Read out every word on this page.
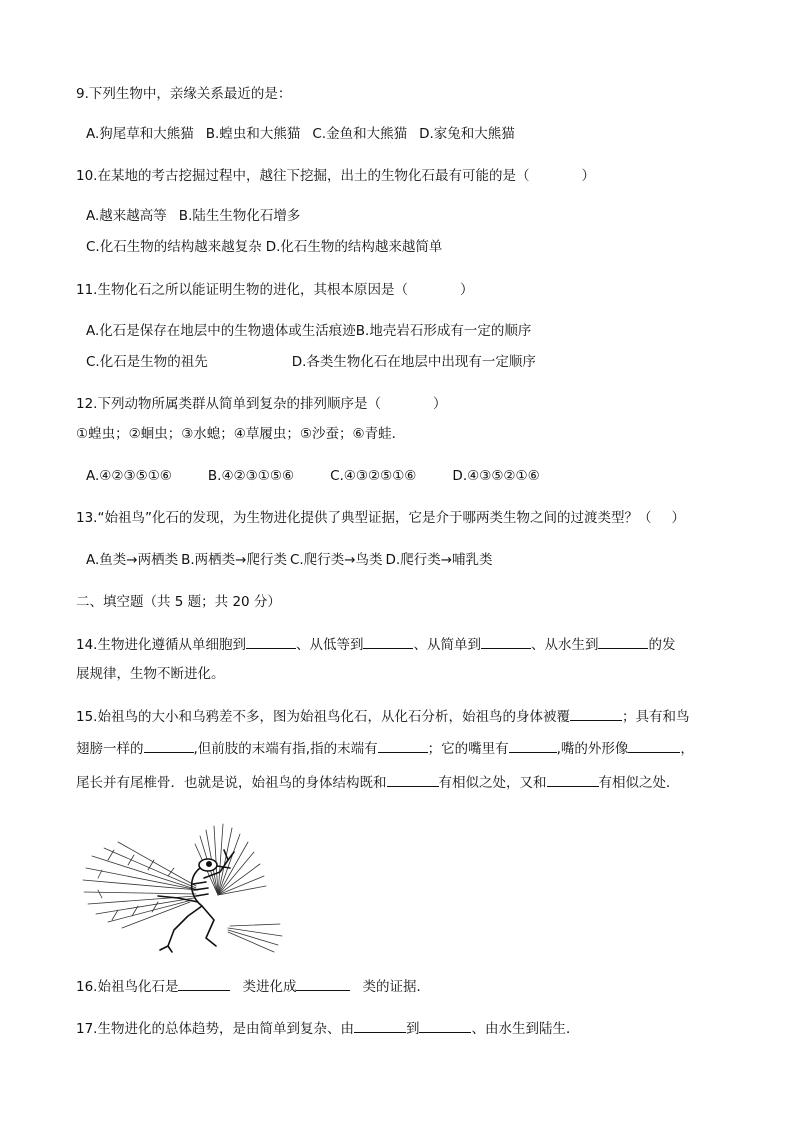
9.下列生物中，亲缘关系最近的是：
A.狗尾草和大熊猫 B.蝗虫和大熊猫 C.金鱼和大熊猫 D.家兔和大熊猫
10.在某地的考古挖掘过程中，越往下挖掘，出土的生物化石最有可能的是（	）
A.越来越高等 B.陆生生物化石增多
C.化石生物的结构越来越复杂 D.化石生物的结构越来越简单
11.生物化石之所以能证明生物的进化，其根本原因是（	）
A.化石是保存在地层中的生物遗体或生活痕迹B.地壳岩石形成有一定的顺序
C.化石是生物的祖先	D.各类生物化石在地层中出现有一定顺序
12.下列动物所属类群从简单到复杂的排列顺序是（	）
①蝗虫；②蛔虫；③水螅；④草履虫；⑤沙蚕；⑥青蛙．
A.④②③⑤①⑥	B.④②③①⑤⑥	C.④③②⑤①⑥	D.④③⑤②①⑥
13.“始祖鸟”化石的发现，为生物进化提供了典型证据，它是介于哪两类生物之间的过渡类型？（ ）
A.鱼类→两栖类 B.两栖类→爬行类 C.爬行类→鸟类 D.爬行类→哺乳类
二、填空题（共 5 题；共 20 分）
14.生物进化遵循从单细胞到	、从低等到	、从简单到	、从水生到	的发
展规律，生物不断进化。
15.始祖鸟的大小和乌鸦差不多，图为始祖鸟化石，从化石分析，始祖鸟的身体被覆	；具有和鸟
翅膀一样的	,但前肢的末端有指,指的末端有	；它的嘴里有	,嘴的外形像	，
尾长并有尾椎骨．也就是说，始祖鸟的身体结构既和	有相似之处，又和	有相似之处．
16.始祖鸟化石是	类进化成	类的证据．
17.生物进化的总体趋势，是由简单到复杂、由	到	、由水生到陆生．
